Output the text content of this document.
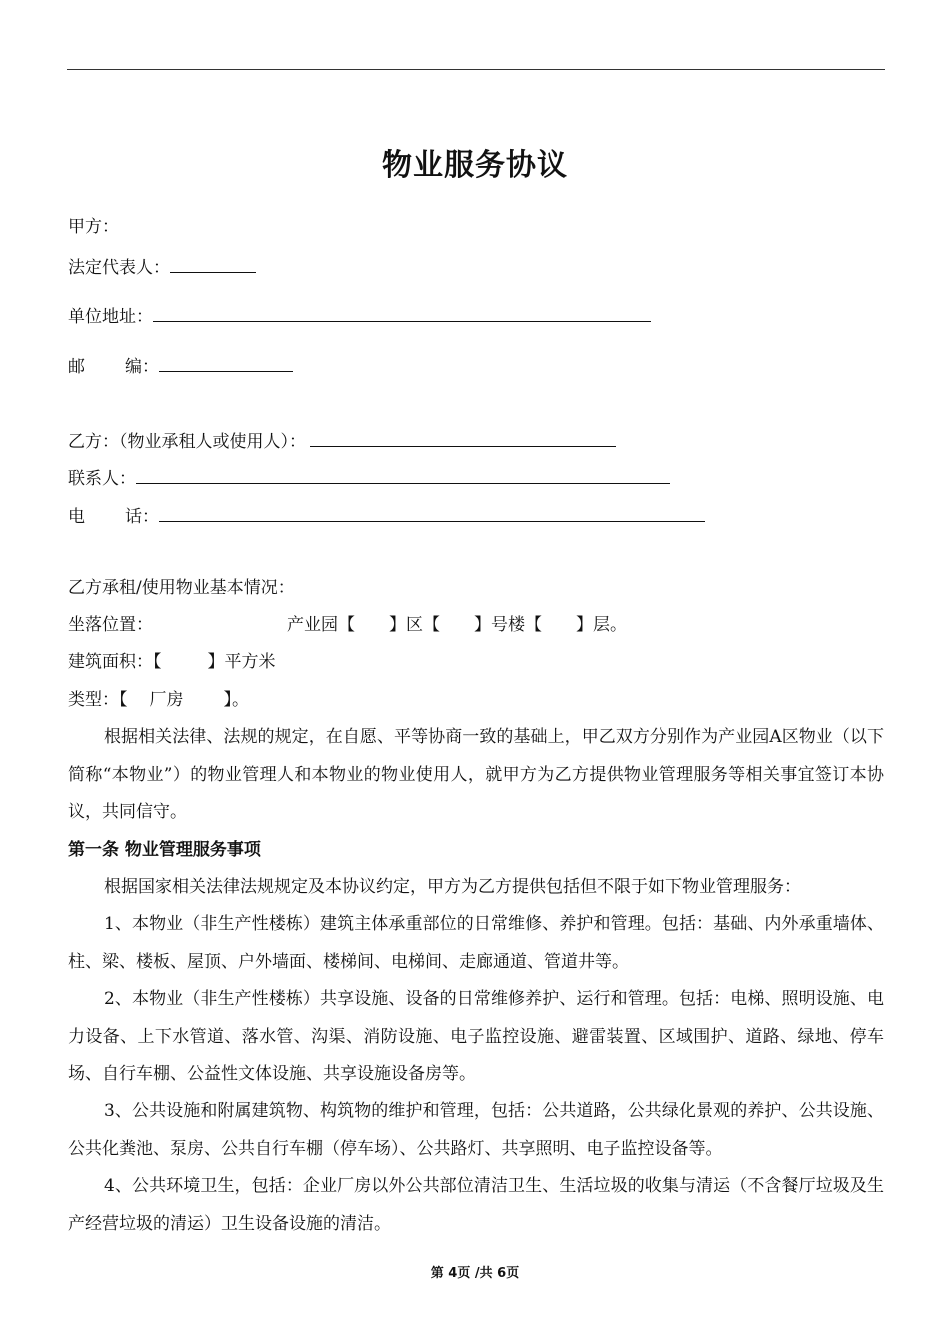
物业服务协议
甲方：
法定代表人：
单位地址：
邮 编：
乙方：（物业承租人或使用人）：
联系人：
电 话：
乙方承租/使用物业基本情况：
坐落位置：	产业园【 】区【 】号楼【 】层。
建筑面积：【	】平方米
类型：【 厂房 】。
根据相关法律、法规的规定，在自愿、平等协商一致的基础上，甲乙双方分别作为产业园A区物业（以下简称“本物业”）的物业管理人和本物业的物业使用人，就甲方为乙方提供物业管理服务等相关事宜签订本协议，共同信守。
第一条 物业管理服务事项
根据国家相关法律法规规定及本协议约定，甲方为乙方提供包括但不限于如下物业管理服务：
1、本物业（非生产性楼栋）建筑主体承重部位的日常维修、养护和管理。包括：基础、内外承重墙体、柱、梁、楼板、屋顶、户外墙面、楼梯间、电梯间、走廊通道、管道井等。
2、本物业（非生产性楼栋）共享设施、设备的日常维修养护、运行和管理。包括：电梯、照明设施、电力设备、上下水管道、落水管、沟渠、消防设施、电子监控设施、避雷装置、区域围护、道路、绿地、停车场、自行车棚、公益性文体设施、共享设施设备房等。
3、公共设施和附属建筑物、构筑物的维护和管理，包括：公共道路，公共绿化景观的养护、公共设施、公共化粪池、泵房、公共自行车棚（停车场）、公共路灯、共享照明、电子监控设备等。
4、公共环境卫生，包括：企业厂房以外公共部位清洁卫生、生活垃圾的收集与清运（不含餐厅垃圾及生产经营垃圾的清运）卫生设备设施的清洁。
第 4页 /共 6页
